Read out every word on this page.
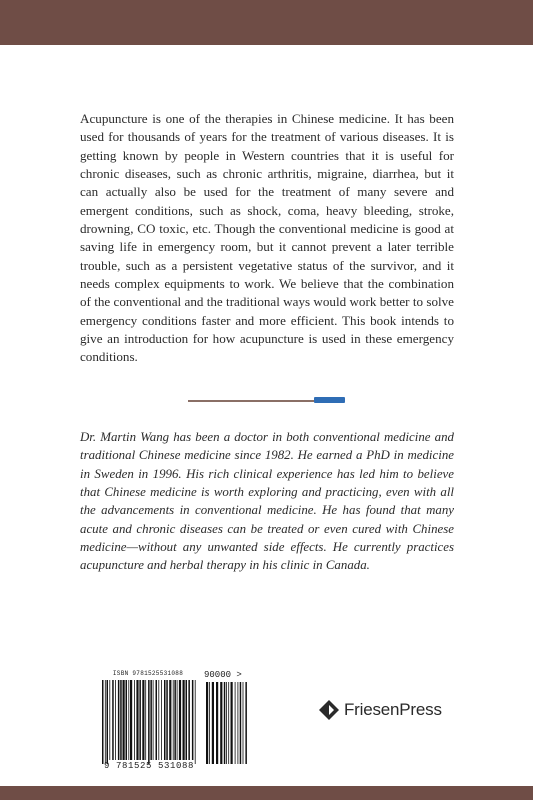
Acupuncture is one of the therapies in Chinese medicine. It has been used for thousands of years for the treatment of various diseases. It is getting known by people in Western countries that it is useful for chronic diseases, such as chronic arthritis, migraine, diarrhea, but it can actually also be used for the treatment of many severe and emergent conditions, such as shock, coma, heavy bleeding, stroke, drowning, CO toxic, etc. Though the conventional medicine is good at saving life in emergency room, but it cannot prevent a later terrible trouble, such as a persistent vegetative status of the survivor, and it needs complex equipments to work. We believe that the combination of the conventional and the traditional ways would work better to solve emergency conditions faster and more efficient. This book intends to give an introduction for how acupuncture is used in these emergency conditions.

Dr. Martin Wang has been a doctor in both conventional medicine and traditional Chinese medicine since 1982. He earned a PhD in medicine in Sweden in 1996. His rich clinical experience has led him to believe that Chinese medicine is worth exploring and practicing, even with all the advancements in conventional medicine. He has found that many acute and chronic diseases can be treated or even cured with Chinese medicine—without any unwanted side effects. He currently practices acupuncture and herbal therapy in his clinic in Canada.

ISBN 9781525531088	90000 >
9 781525 531088
FriesenPress
